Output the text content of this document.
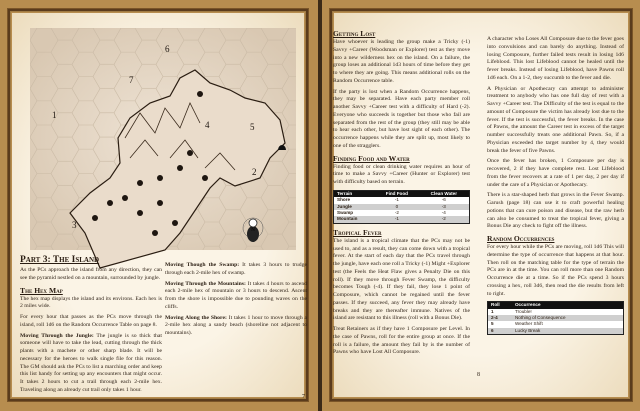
N
1
2
3
4	5
6
7
Part 3: The Island

As the PCs approach the island from any direction, they can see the pyramid nestled on a mountain, surrounded by jungle.

The Hex Map

The hex map displays the island and its environs. Each hex is 2 miles wide.

For every hour that passes as the PCs move through the island, roll 1d6 on the Random Occurrence Table on page 8.

Moving Through the Jungle: The jungle is so thick that someone will have to take the lead, cutting through the thick plants with a machete or other sharp blade. It will be necessary for the heroes to walk single file for this reason. The GM should ask the PCs to list a marching order and keep this list handy for setting up any encounters that might occur. It takes 2 hours to cut a trail through each 2-mile hex. Traveling along an already cut trail only takes 1 hour.

Moving Though the Swamp: It takes 3 hours to trudge through each 2-mile hex of swamp.

Moving Through the Mountains: It takes 4 hours to ascend each 2-mile hex of mountain or 3 hours to descend. Ascent from the shore is impossible due to pounding waves on the cliffs.

Moving Along the Shore: It takes 1 hour to move through a 2-mile hex along a sandy beach (shoreline not adjacent to mountains).

7
Getting Lost

Have whoever is leading the group make a Tricky (-1) Savvy +Career (Woodsman or Explorer) test as they move into a new wilderness hex on the island. On a failure, the group loses an additional 1d3 hours of time before they get to where they are going. This means additional rolls on the Random Occurrence table.

If the party is lost when a Random Occurrence happens, they may be separated. Have each party member roll another Savvy +Career test with a difficulty of Hard (-2). Everyone who succeeds is together but those who fail are separated from the rest of the group (they still may be able to hear each other, but have lost sight of each other). The occurrence happens while they are split up, most likely to one of the stragglers.

Finding Food and Water

Finding food or clean drinking water requires an hour of time to make a Savvy +Career (Hunter or Explorer) test with difficulty based on terrain.

Terrain	Find Food	Clean Water
Shore	-1	-6
Jungle	0	-3
Swamp	-2	-4
Mountain	-1	-2
Tropical Fever

The island is a tropical climate that the PCs may not be used to, and as a result, they can come down with a tropical fever. At the start of each day that the PCs travel through the jungle, have each one roll a Tricky (-1) Might +Explorer test (the Feels the Heat Flaw gives a Penalty Die on this roll). If they move through Fever Swamp, the difficulty becomes Tough (-4). If they fail, they lose 1 point of Composure, which cannot be regained until the fever passes. If they succeed, any fever they may already have breaks and they are thereafter immune. Natives of the island are resistant to this illness (roll with a Bonus Die).

Treat Retainers as if they have 1 Composure per Level. In the case of Pawns, roll for the entire group at once. If the roll is a failure, the amount they fail by is the number of Pawns who have Lost All Composure.

A character who Loses All Composure due to the fever goes into convulsions and can barely do anything. Instead of losing Composure, further failed tests result in losing 1d6 Lifeblood. This lost Lifeblood cannot be healed until the fever breaks. Instead of losing Lifeblood, have Pawns roll 1d6 each. On a 1-2, they succumb to the fever and die.

A Physician or Apothecary can attempt to administer treatment to anybody who has one full day of rest with a Savvy +Career test. The Difficulty of the test is equal to the amount of Composure the victim has already lost due to the fever. If the test is successful, the fever breaks. In the case of Pawns, the amount the Career test in excess of the target number successfully treats one additional Pawn. So, if a Physician exceeded the target number by 4, they would break the fever of five Pawns.

Once the fever has broken, 1 Composure per day is recovered, 2 if they have complete rest. Lost Lifeblood from the fever recovers at a rate of 1 per day, 2 per day if under the care of a Physician or Apothecary.

There is a star-shaped herb that grows in the Fever Swamp. Garush (page 18) can use it to craft powerful healing potions that can cure poison and disease, but the raw herb can also be consumed to treat the tropical fever, giving a Bonus Die any check to fight off the illness.

Random Occurrences

For every hour while the PCs are moving, roll 1d6 This will determine the type of occurrence that happens at that hour. Then roll on the matching table for the type of terrain the PCs are in at the time. You can roll more than one Random Occurrence die at a time. So if the PCs spend 3 hours crossing a hex, roll 3d6, then read the die results from left to right.

Roll	Occurrence
1	Trouble!
2-4	Nothing of Consequence
5	Weather Shift
6	Lucky Break
8
